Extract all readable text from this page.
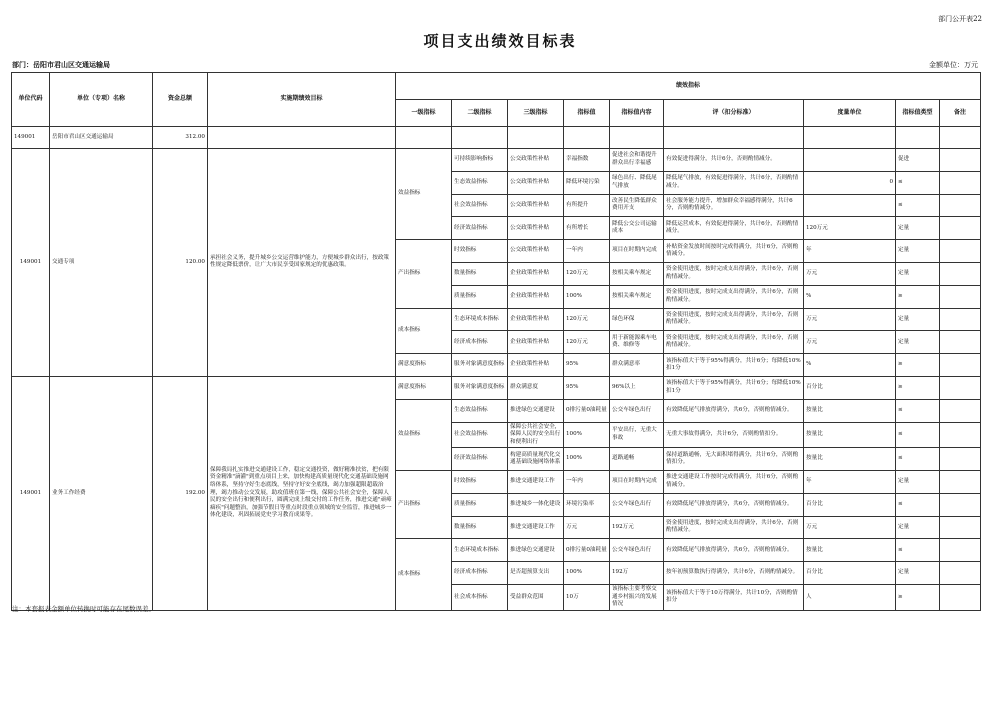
部门公开表22
项目支出绩效目标表
部门：岳阳市君山区交通运输局	金额单位：万元
单位代码	单位（专项）名称	资金总额	实施期绩效目标	绩效指标								
				一级指标	二级指标	三级指标	指标值	指标值内容	评（扣分标准）	度量单位	指标值类型	备注
149001	岳阳市君山区交通运输局	312.00										
149001	交通专项	120.00	承担社会义务，提升城乡公交运营维护能力，方便城乡群众出行，按政策性规定降低票价，让广大市民享受国家规定的优惠政策。	效益指标	可持续影响指标	公交政策性补贴	幸福指数	促进社会和谐提升群众出行幸福感	有效促进得满分，共计6分，否则酌情减分。		促进	
					生态效益指标	公交政策性补贴	降低环境污染	绿色出行、降低尾气排放	降低尾气排放，有效促进得满分，共计6分，否则酌情减分。	0	≤	
					社会效益指标	公交政策性补贴	有所提升	改善民生降低群众费用开支	社会服务能力提升，增加群众幸福感得满分，共计6分，否则酌情减分。		≤	
					经济效益指标	公交政策性补贴	有所增长	降低公交公司运输成本	降低运营成本，有效促进得满分，共计6分，否则酌情减分。	120万元	定量	
				产出指标	时效指标	公交政策性补贴	一年内	项目在时期内完成	补贴资金发放时间按时完成得满分，共计6分，否则酌情减分。	年	定量	
					数量指标	企业政策性补贴	120万元	按相关乘车规定	资金使用进度，按时完成支出得满分，共计6分，否则酌情减分。	万元	定量	
					质量指标	企业政策性补贴	100%	按相关乘车规定	资金使用进度，按时完成支出得满分，共计6分，否则酌情减分。	%	≥	
				成本指标	生态环境成本指标	企业政策性补贴	120万元	绿色环保	资金使用进度，按时完成支出得满分，共计6分，否则酌情减分。	万元	定量	
					经济成本指标	企业政策性补贴	120万元	用于新能源乘车电费、维修等	资金使用进度，按时完成支出得满分，共计6分，否则酌情减分。	万元	定量	
				满意度指标	服务对象满意度指标	企业政策性补贴	95%	群众满意率	该指标值大于等于95%得满分，共计6分；每降低10%扣1分	%	≥	
149001	业务工作经费	192.00	保障我局扎实推进交通建设工作，稳定交通投资，做好精准扶贫，把有限资金精准"滴灌"到重点项目上来，加快构建高质量现代化交通基础设施网络体系，坚持守好生态底线，坚持守好安全底线，竭力加强超限超载治理，竭力推动公交发展，助攻值班在第一线，保障公共社会安全，保障人民的安全出行和便利出行，圆满完成上级交付的工作任务，推进交通"顽瘴痼疾"问题整治，加强节假日等重点时段重点领域的安全监管，推进城乡一体化建设，巩固拓展党史学习教育成果等。	满意度指标	服务对象满意度指标	群众满意度	95%	96%以上	该指标值大于等于95%得满分，共计6分；每降低10%扣1分	百分比	≥	
				效益指标	生态效益指标	推进绿色交通建设	0排污量0油耗量	公交车绿色出行	有效降低尾气排放得满分，共6分，否则酌情减分。	按量比	≤	
					社会效益指标	保障公共社会安全，保障人民的安全出行和便利出行	100%	平安出行，无重大事故	无重大事故得满分，共计6分，否则酌情扣分。	按量比	≤	
					经济效益指标	构建高质量现代化交通基础设施网络体系	100%	道路通畅	保持道路通畅，无大面积堵得满分，共计6分，否则酌情扣分。	按量比	≤	
				产出指标	时效指标	推进交通建设工作	一年内	项目在时期内完成	推进交通建设工作按时完成得满分，共计6分，否则酌情减分。	年	定量	
					质量指标	推进城乡一体化建设	环境污染率	公交车绿色出行	有效降低尾气排放得满分，共6分，否则酌情减分。	百分比	≤	
					数量指标	推进交通建设工作	万元	192万元	资金使用进度，按时完成支出得满分，共计6分，否则酌情减分。	万元	定量	
				成本指标	生态环境成本指标	推进绿色交通建设	0排污量0油耗量	公交车绿色出行	有效降低尾气排放得满分，共6分，否则酌情减分。	按量比	≤	
					经济成本指标	是否超预算支出	100%	192万	按年初预算数执行得满分，共计6分，否则酌情减分。	百分比	定量	
					社会成本指标	受益群众范围	10万	该指标主要考察交通乡村振兴的发展情况	该指标值大于等于10万得满分，共计10分，否则酌情扣分	人	≥	
注：本套报表金额单位转换时可能存在尾数误差。
